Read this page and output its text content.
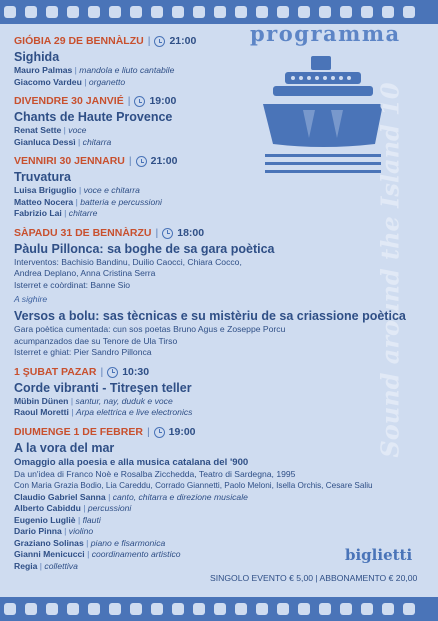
programma
Sound around the Island 10
GIÓBIA 29 DE BENNÀLZU | 21:00
Sighida
Mauro Palmas | mandola e liuto cantabile
Giacomo Vardeu | organetto
DIVENDRE 30 JANVIÉ | 19:00
Chants de Haute Provence
Renat Sette | voce
Gianluca Dessì | chitarra
VENNIRI 30 JENNARU | 21:00
Truvatura
Luisa Briguglio | voce e chitarra
Matteo Nocera | batteria e percussioni
Fabrizio Lai | chitarre
SÀPADU 31 DE BENNÀRZU | 18:00
Pàulu Pillonca: sa boghe de sa gara poètica
Interventos: Bachisio Bandinu, Duilio Caocci, Chiara Cocco,
Andrea Deplano, Anna Cristina Serra
Isterret e coòrdinat: Banne Sio
A sighire
Versos a bolu: sas tècnicas e su mistèriu de sa criassione poètica
Gara poètica cumentada: cun sos poetas Bruno Agus e Zoseppe Porcu
acumpanzados dae su Tenore de Ula Tirso
Isterret e ghiat: Pier Sandro Pillonca
1 ŞUBAT PAZAR | 10:30
Corde vibranti - Titreşen teller
Mübin Dünen | santur, nay, duduk e voce
Raoul Moretti | Arpa elettrica e live electronics
DIUMENGE 1 DE FEBRER | 19:00
A la vora del mar
Omaggio alla poesia e alla musica catalana del '900
Da un'idea di Franco Noè e Rosalba Zicchedda, Teatro di Sardegna, 1995
Con Maria Grazia Bodio, Lia Careddu, Corrado Giannetti, Paolo Meloni, Isella Orchis, Cesare Saliu
Claudio Gabriel Sanna | canto, chitarra e direzione musicale
Alberto Cabiddu | percussioni
Eugenio Lugliè | flauti
Dario Pinna | violino
Graziano Solinas | piano e fisarmonica
Gianni Menicucci | coordinamento artistico
Regia | collettiva
biglietti
SINGOLO EVENTO € 5,00 | ABBONAMENTO € 20,00
